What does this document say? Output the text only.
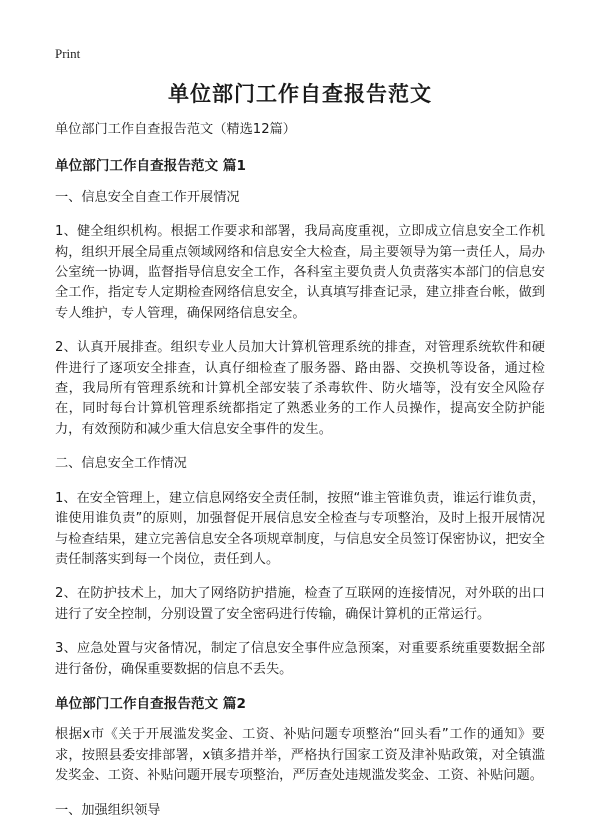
Print
单位部门工作自查报告范文

单位部门工作自查报告范文（精选12篇）

单位部门工作自查报告范文 篇1

一、信息安全自查工作开展情况

1、健全组织机构。根据工作要求和部署，我局高度重视，立即成立信息安全工作机构，组织开展全局重点领域网络和信息安全大检查，局主要领导为第一责任人，局办公室统一协调，监督指导信息安全工作，各科室主要负责人负责落实本部门的信息安全工作，指定专人定期检查网络信息安全，认真填写排查记录，建立排查台帐，做到专人维护，专人管理，确保网络信息安全。

2、认真开展排查。组织专业人员加大计算机管理系统的排查，对管理系统软件和硬件进行了逐项安全排查，认真仔细检查了服务器、路由器、交换机等设备，通过检查，我局所有管理系统和计算机全部安装了杀毒软件、防火墙等，没有安全风险存在，同时每台计算机管理系统都指定了熟悉业务的工作人员操作，提高安全防护能力，有效预防和减少重大信息安全事件的发生。

二、信息安全工作情况

1、在安全管理上，建立信息网络安全责任制，按照“谁主管谁负责，谁运行谁负责，谁使用谁负责”的原则，加强督促开展信息安全检查与专项整治，及时上报开展情况与检查结果，建立完善信息安全各项规章制度，与信息安全员签订保密协议，把安全责任制落实到每一个岗位，责任到人。

2、在防护技术上，加大了网络防护措施，检查了互联网的连接情况，对外联的出口进行了安全控制，分别设置了安全密码进行传输，确保计算机的正常运行。

3、应急处置与灾备情况，制定了信息安全事件应急预案，对重要系统重要数据全部进行备份，确保重要数据的信息不丢失。

单位部门工作自查报告范文 篇2

根据x市《关于开展滥发奖金、工资、补贴问题专项整治“回头看”工作的通知》要求，按照县委安排部署，x镇多措并举，严格执行国家工资及津补贴政策，对全镇滥发奖金、工资、补贴问题开展专项整治，严厉查处违规滥发奖金、工资、补贴问题。

一、加强组织领导
